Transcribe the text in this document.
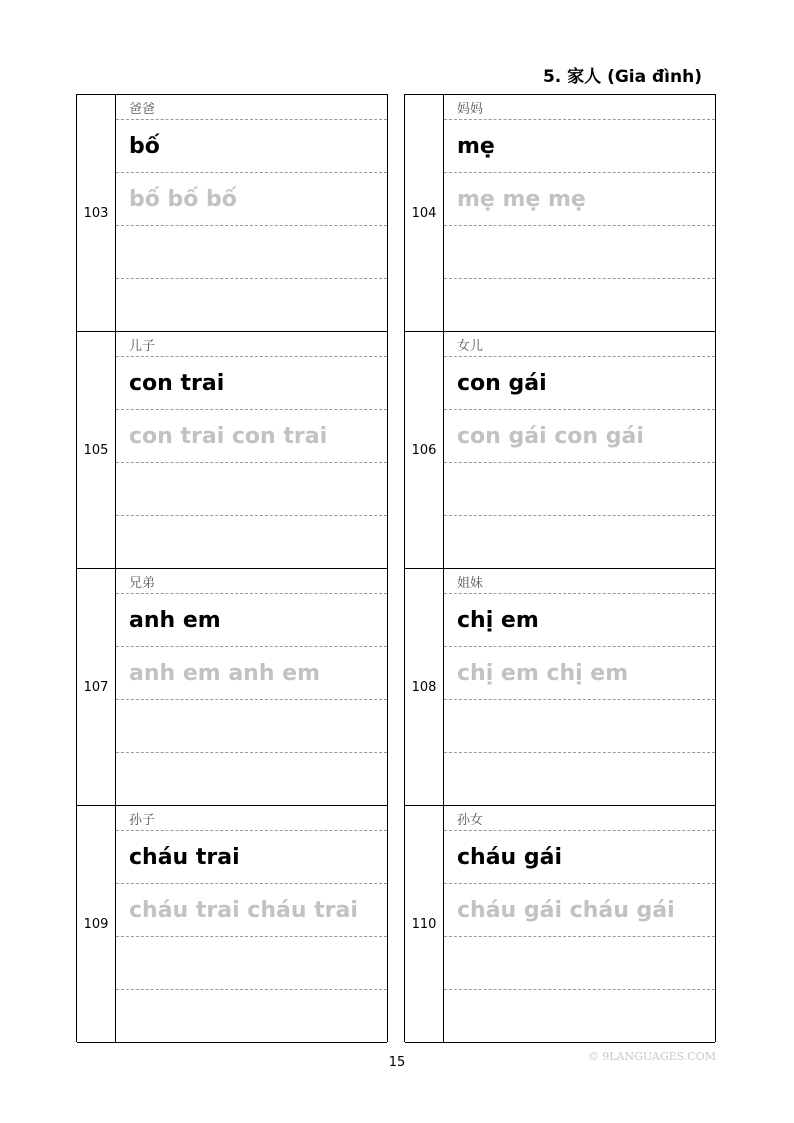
5. 家人 (Gia đình)
103
爸爸
bố
bố bố bố
105
儿子
con trai
con trai con trai
107
兄弟
anh em
anh em anh em
109
孙子
cháu trai
cháu trai cháu trai
104
妈妈
mẹ
mẹ mẹ mẹ
106
女儿
con gái
con gái con gái
108
姐妹
chị em
chị em chị em
110
孙女
cháu gái
cháu gái cháu gái
15	© 9LANGUAGES.COM
